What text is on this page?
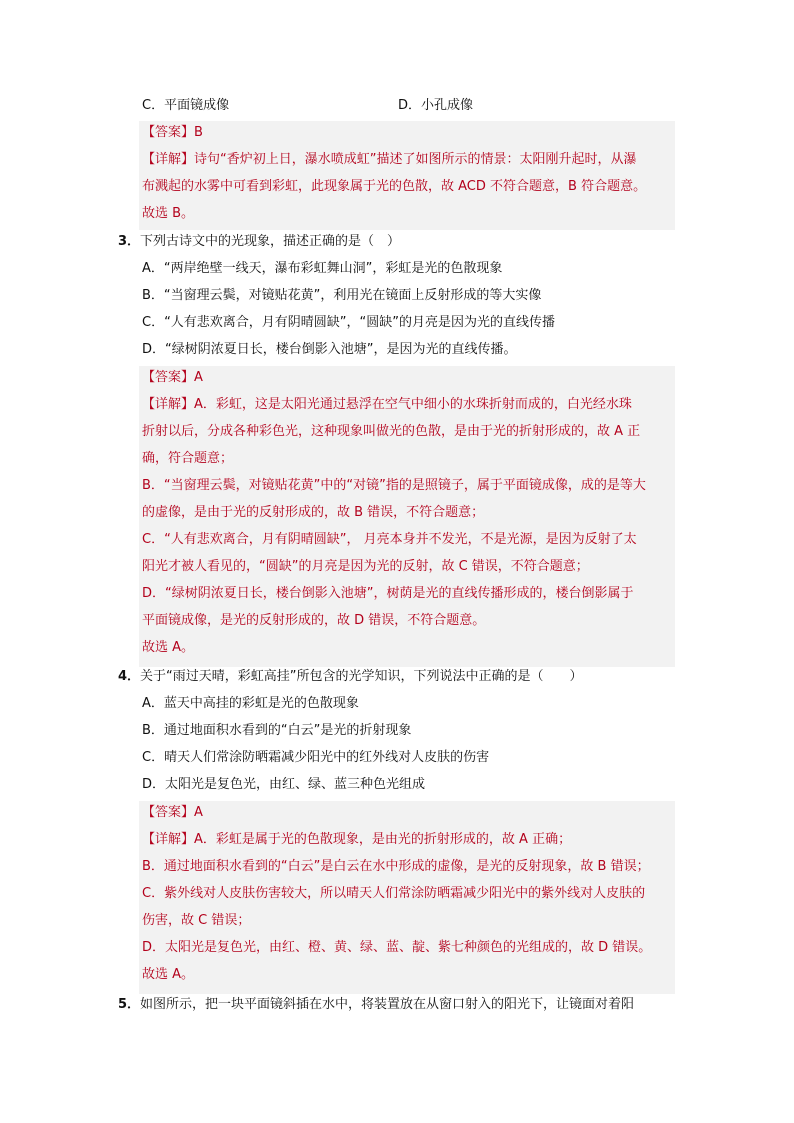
C．平面镜成像	D．小孔成像
【答案】B
【详解】诗句“香炉初上日，瀑水喷成虹”描述了如图所示的情景：太阳刚升起时，从瀑
布溅起的水雾中可看到彩虹，此现象属于光的色散，故 ACD 不符合题意，B 符合题意。
故选 B。
3．下列古诗文中的光现象，描述正确的是（　）
A．“两岸绝壁一线天，瀑布彩虹舞山洞”，彩虹是光的色散现象
B．“当窗理云鬓，对镜贴花黄”，利用光在镜面上反射形成的等大实像
C．“人有悲欢离合，月有阴晴圆缺”，“圆缺”的月亮是因为光的直线传播
D．“绿树阴浓夏日长，楼台倒影入池塘”，是因为光的直线传播。
【答案】A
【详解】A．彩虹，这是太阳光通过悬浮在空气中细小的水珠折射而成的，白光经水珠
折射以后，分成各种彩色光，这种现象叫做光的色散，是由于光的折射形成的，故 A 正
确，符合题意；
B．“当窗理云鬓，对镜贴花黄”中的“对镜”指的是照镜子，属于平面镜成像，成的是等大
的虚像，是由于光的反射形成的，故 B 错误，不符合题意；
C．“人有悲欢离合，月有阴晴圆缺”， 月亮本身并不发光，不是光源，是因为反射了太
阳光才被人看见的，“圆缺”的月亮是因为光的反射，故 C 错误，不符合题意；
D．“绿树阴浓夏日长，楼台倒影入池塘”，树荫是光的直线传播形成的，楼台倒影属于
平面镜成像，是光的反射形成的，故 D 错误，不符合题意。
故选 A。
4．关于“雨过天晴，彩虹高挂”所包含的光学知识，下列说法中正确的是（　　）
A．蓝天中高挂的彩虹是光的色散现象
B．通过地面积水看到的“白云”是光的折射现象
C．晴天人们常涂防晒霜减少阳光中的红外线对人皮肤的伤害
D．太阳光是复色光，由红、绿、蓝三种色光组成
【答案】A
【详解】A．彩虹是属于光的色散现象，是由光的折射形成的，故 A 正确；
B．通过地面积水看到的“白云”是白云在水中形成的虚像，是光的反射现象，故 B 错误；
C．紫外线对人皮肤伤害较大，所以晴天人们常涂防晒霜减少阳光中的紫外线对人皮肤的
伤害，故 C 错误；
D．太阳光是复色光，由红、橙、黄、绿、蓝、靛、紫七种颜色的光组成的，故 D 错误。
故选 A。
5．如图所示，把一块平面镜斜插在水中，将装置放在从窗口射入的阳光下，让镜面对着阳
